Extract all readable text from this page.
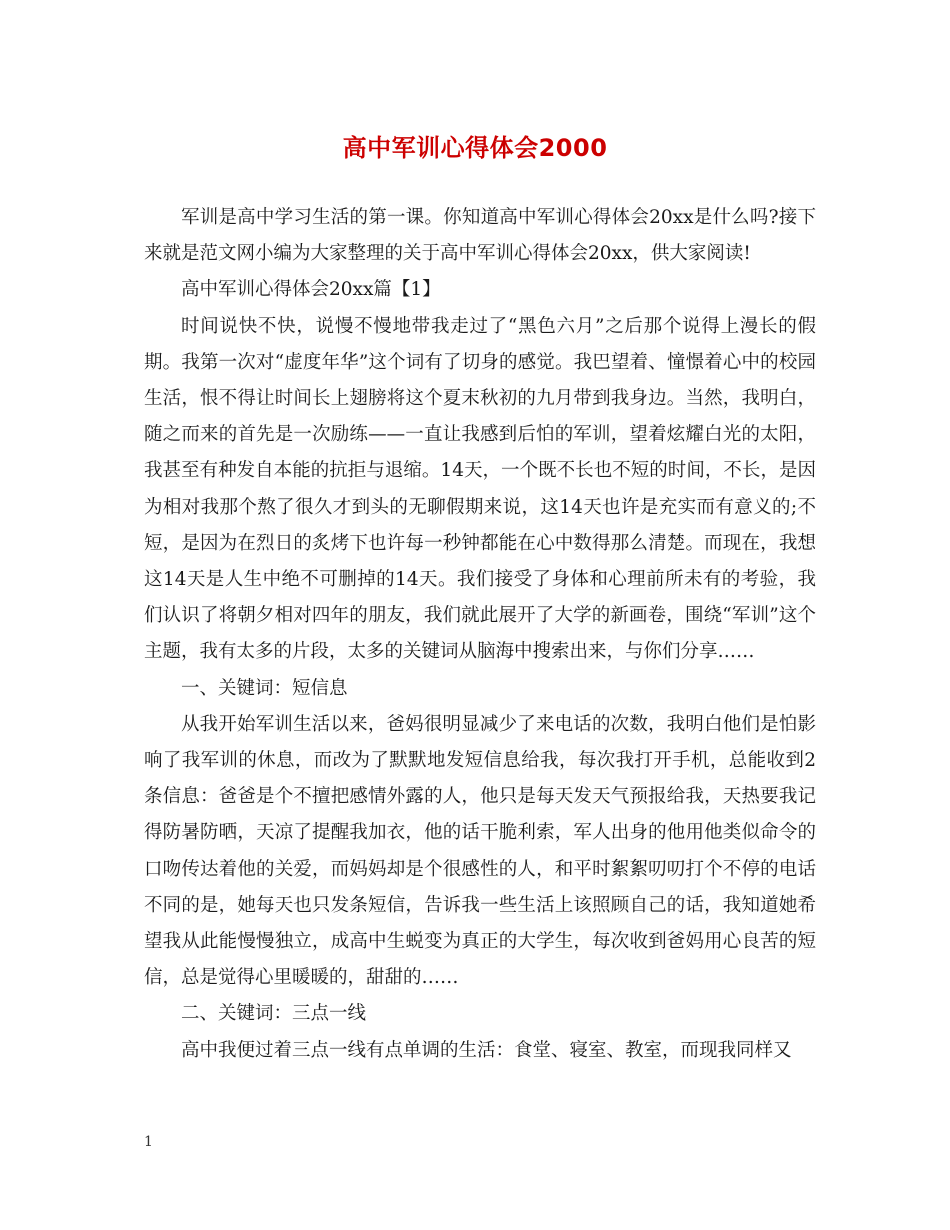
高中军训心得体会2000

军训是高中学习生活的第一课。你知道高中军训心得体会20xx是什么吗?接下来就是范文网小编为大家整理的关于高中军训心得体会20xx，供大家阅读!

高中军训心得体会20xx篇【1】

时间说快不快，说慢不慢地带我走过了“黑色六月”之后那个说得上漫长的假期。我第一次对“虚度年华”这个词有了切身的感觉。我巴望着、憧憬着心中的校园生活，恨不得让时间长上翅膀将这个夏末秋初的九月带到我身边。当然，我明白，随之而来的首先是一次励练——一直让我感到后怕的军训，望着炫耀白光的太阳，我甚至有种发自本能的抗拒与退缩。14天，一个既不长也不短的时间，不长，是因为相对我那个熬了很久才到头的无聊假期来说，这14天也许是充实而有意义的;不短，是因为在烈日的炙烤下也许每一秒钟都能在心中数得那么清楚。而现在，我想这14天是人生中绝不可删掉的14天。我们接受了身体和心理前所未有的考验，我们认识了将朝夕相对四年的朋友，我们就此展开了大学的新画卷，围绕“军训”这个主题，我有太多的片段，太多的关键词从脑海中搜索出来，与你们分享……

一、关键词：短信息

从我开始军训生活以来，爸妈很明显减少了来电话的次数，我明白他们是怕影响了我军训的休息，而改为了默默地发短信息给我，每次我打开手机，总能收到2条信息：爸爸是个不擅把感情外露的人，他只是每天发天气预报给我，天热要我记得防暑防晒，天凉了提醒我加衣，他的话干脆利索，军人出身的他用他类似命令的口吻传达着他的关爱，而妈妈却是个很感性的人，和平时絮絮叨叨打个不停的电话不同的是，她每天也只发条短信，告诉我一些生活上该照顾自己的话，我知道她希望我从此能慢慢独立，成高中生蜕变为真正的大学生，每次收到爸妈用心良苦的短信，总是觉得心里暖暖的，甜甜的……

二、关键词：三点一线

高中我便过着三点一线有点单调的生活：食堂、寝室、教室，而现我同样又

1
